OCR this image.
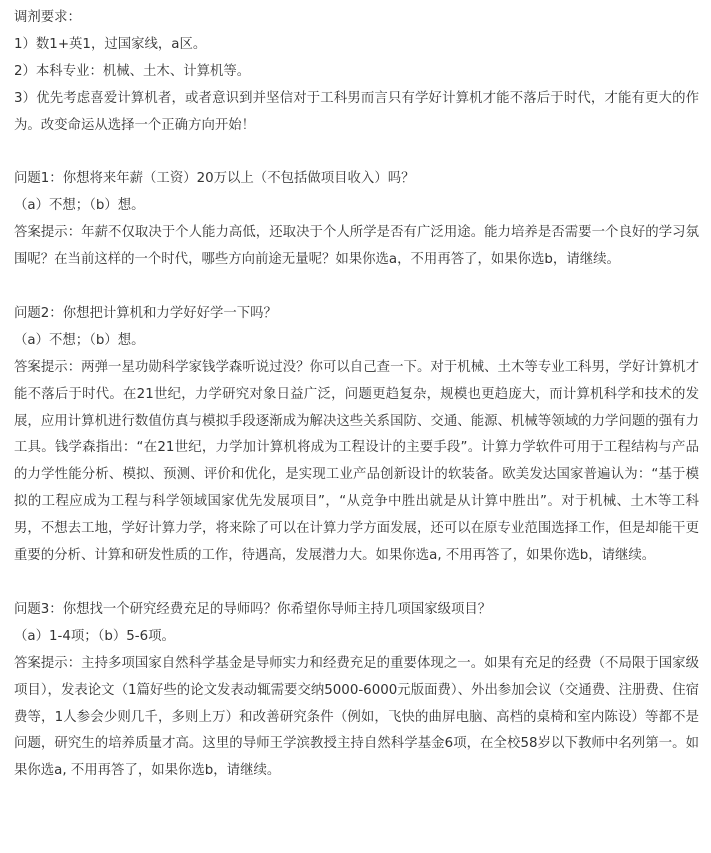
调剂要求：
1）数1+英1，过国家线，a区。
2）本科专业：机械、土木、计算机等。
3）优先考虑喜爱计算机者，或者意识到并坚信对于工科男而言只有学好计算机才能不落后于时代，才能有更大的作为。改变命运从选择一个正确方向开始！
问题1：你想将来年薪（工资）20万以上（不包括做项目收入）吗？
（a）不想；（b）想。
答案提示：年薪不仅取决于个人能力高低，还取决于个人所学是否有广泛用途。能力培养是否需要一个良好的学习氛围呢？在当前这样的一个时代，哪些方向前途无量呢？如果你选a，不用再答了，如果你选b，请继续。
问题2：你想把计算机和力学好好学一下吗？
（a）不想；（b）想。
答案提示：两弹一星功勋科学家钱学森听说过没？你可以自己查一下。对于机械、土木等专业工科男，学好计算机才能不落后于时代。在21世纪，力学研究对象日益广泛，问题更趋复杂，规模也更趋庞大，而计算机科学和技术的发展，应用计算机进行数值仿真与模拟手段逐渐成为解决这些关系国防、交通、能源、机械等领域的力学问题的强有力工具。钱学森指出：“在21世纪，力学加计算机将成为工程设计的主要手段”。计算力学软件可用于工程结构与产品的力学性能分析、模拟、预测、评价和优化，是实现工业产品创新设计的软装备。欧美发达国家普遍认为：“基于模拟的工程应成为工程与科学领域国家优先发展项目”，“从竞争中胜出就是从计算中胜出”。对于机械、土木等工科男，不想去工地，学好计算力学，将来除了可以在计算力学方面发展，还可以在原专业范围选择工作，但是却能干更重要的分析、计算和研发性质的工作，待遇高，发展潜力大。如果你选a, 不用再答了，如果你选b，请继续。
问题3：你想找一个研究经费充足的导师吗？你希望你导师主持几项国家级项目？
（a）1-4项；（b）5-6项。
答案提示：主持多项国家自然科学基金是导师实力和经费充足的重要体现之一。如果有充足的经费（不局限于国家级项目），发表论文（1篇好些的论文发表动辄需要交纳5000-6000元版面费）、外出参加会议（交通费、注册费、住宿费等，1人参会少则几千，多则上万）和改善研究条件（例如，飞快的曲屏电脑、高档的桌椅和室内陈设）等都不是问题，研究生的培养质量才高。这里的导师王学滨教授主持自然科学基金6项，在全校58岁以下教师中名列第一。如果你选a, 不用再答了，如果你选b，请继续。
